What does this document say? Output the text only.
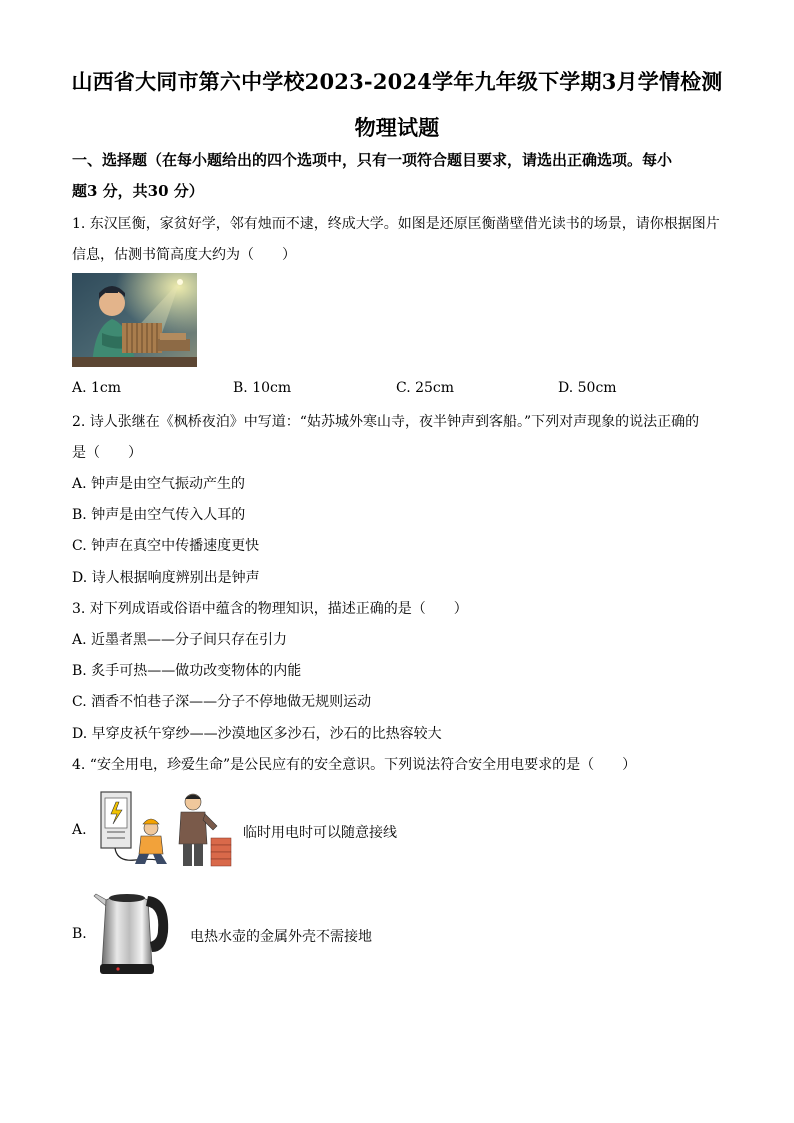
山西省大同市第六中学校2023-2024学年九年级下学期3月学情检测
物理试题
一、选择题（在每小题给出的四个选项中，只有一项符合题目要求，请选出正确选项。每小
题3 分，共30 分）
1. 东汉匡衡，家贫好学，邻有烛而不逮，终成大学。如图是还原匡衡凿壁借光读书的场景，请你根据图片
信息，估测书简高度大约为（　　）
A. 1cm	B. 10cm	C. 25cm	D. 50cm
2. 诗人张继在《枫桥夜泊》中写道：“姑苏城外寒山寺，夜半钟声到客船。”下列对声现象的说法正确的
是（　　）
A. 钟声是由空气振动产生的
B. 钟声是由空气传入人耳的
C. 钟声在真空中传播速度更快
D. 诗人根据响度辨别出是钟声
3. 对下列成语或俗语中蕴含的物理知识，描述正确的是（　　）
A. 近墨者黑——分子间只存在引力
B. 炙手可热——做功改变物体的内能
C. 酒香不怕巷子深——分子不停地做无规则运动
D. 早穿皮袄午穿纱——沙漠地区多沙石，沙石的比热容较大
4. “安全用电，珍爱生命”是公民应有的安全意识。下列说法符合安全用电要求的是（　　）
A.	临时用电时可以随意接线
B.	电热水壶的金属外壳不需接地
